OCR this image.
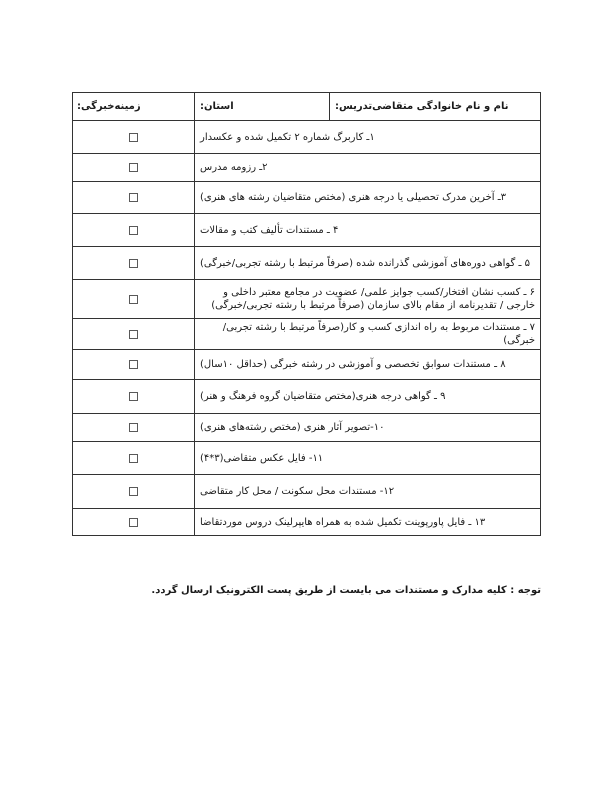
زمینه‌خبرگی:	استان:	نام و نام خانوادگی متقاضی‌تدریس:
۱ـ کاربرگ شماره ۲ تکمیل شده و عکسدار
۲ـ رزومه مدرس
۳ـ آخرین مدرک تحصیلی یا درجه هنری (مختص متقاضیان رشته های هنری)
۴ ـ مستندات تألیف کتب و مقالات
۵ ـ گواهی دوره‌های آموزشی گذرانده شده (صرفاً مرتبط با رشته تجربی/خبرگی)
۶ ـ کسب نشان افتخار/کسب جوایز علمی/ عضویت در مجامع معتبر داخلی و خارجی / تقدیرنامه از مقام بالای سازمان (صرفاً مرتبط با رشته تجربی/خبرگی)
۷ ـ مستندات مربوط به راه اندازی کسب و کار(صرفاً مرتبط با رشته تجربی/خبرگی)
۸ ـ مستندات سوابق تخصصی و آموزشی در رشته خبرگی (حداقل ۱۰سال)
۹ ـ گواهی درجه هنری(مختص متقاضیان گروه فرهنگ و هنر)
۱۰-تصویر آثار هنری (مختص رشته‌های هنری)
۱۱- فایل عکس متقاضی(۳*۴)
۱۲- مستندات محل سکونت / محل کار متقاضی
۱۳ ـ فایل پاورپوینت تکمیل شده به همراه هایپرلینک دروس موردتقاضا
توجه : کلیه مدارک و مستندات می بایست از طریق پست الکترونیک ارسال گردد.
